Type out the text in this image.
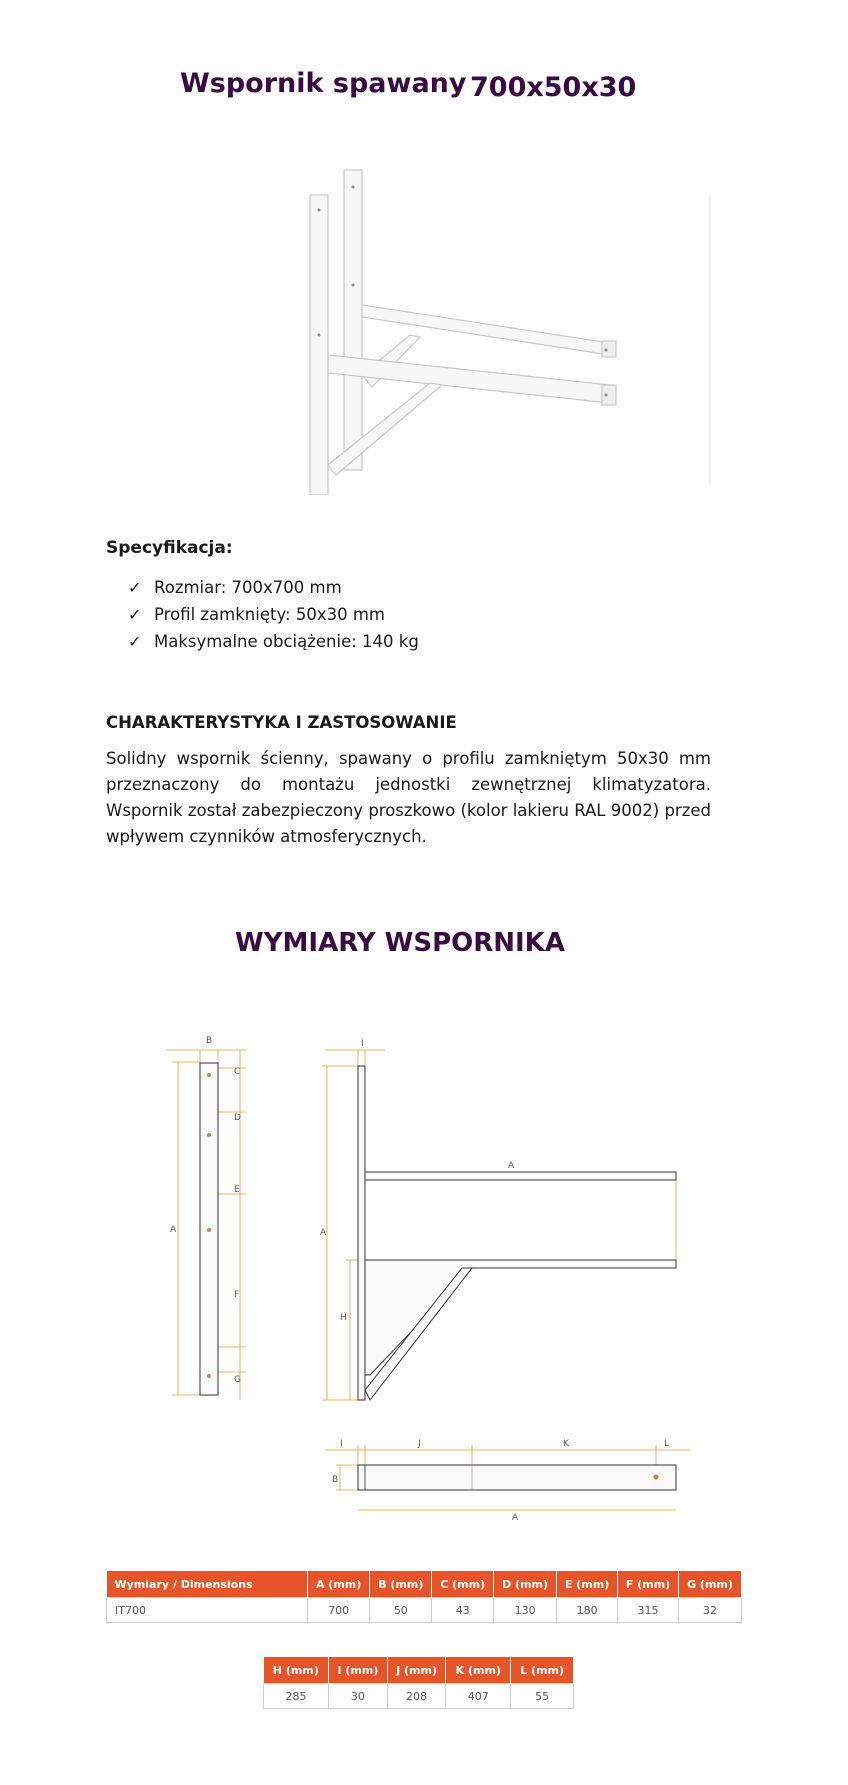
Wspornik spawany 700x50x30
Specyfikacja:
✓ Rozmiar: 700x700 mm
✓ Profil zamknięty: 50x30 mm
✓ Maksymalne obciążenie: 140 kg
CHARAKTERYSTYKA I ZASTOSOWANIE

Solidny wspornik ścienny, spawany o profilu zamkniętym 50x30 mm przeznaczony do montażu jednostki zewnętrznej klimatyzatora. Wspornik został zabezpieczony proszkowo (kolor lakieru RAL 9002) przed wpływem czynników atmosferycznych.

WYMIARY WSPORNIKA
B
C
D
E
F
G
A
A
A
H
I
I	J	K	L
B
A
Wymiary / Dimensions	A (mm)	B (mm)	C (mm)	D (mm)	E (mm)	F (mm)	G (mm)
IT700	700	50	43	130	180	315	32
H (mm)	I (mm)	J (mm)	K (mm)	L (mm)
285	30	208	407	55
